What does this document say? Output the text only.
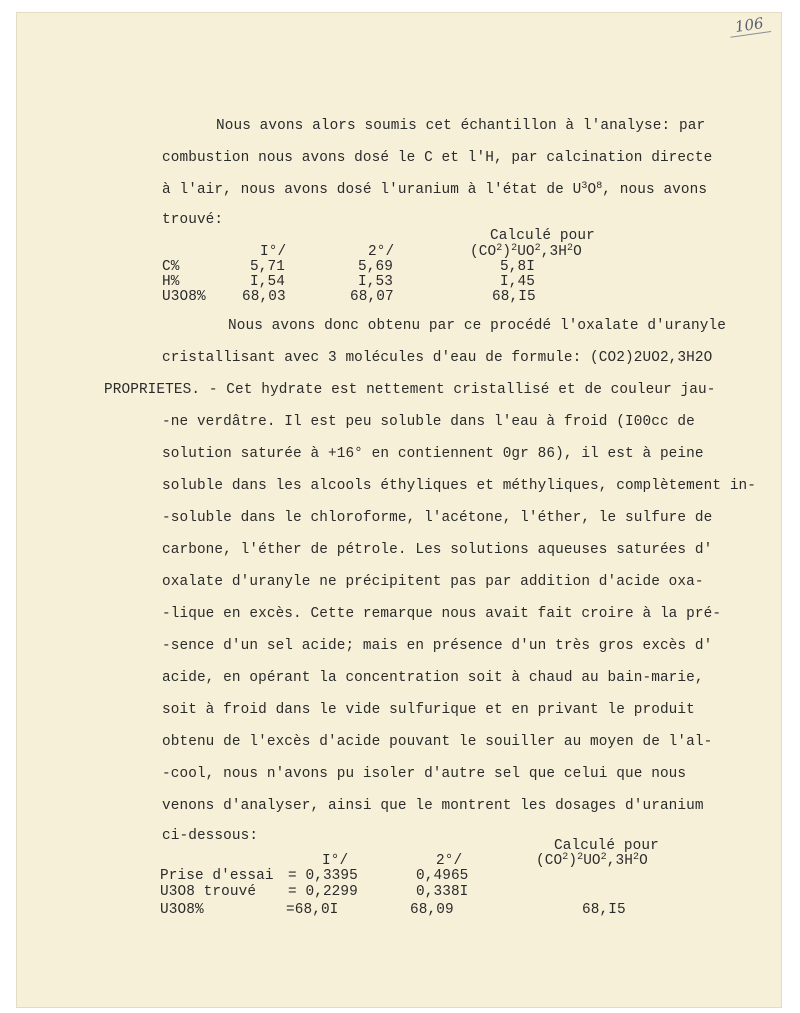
106
Nous avons alors soumis cet échantillon à l'analyse: par
combustion nous avons dosé le C et l'H, par calcination directe
à l'air, nous avons dosé l'uranium à l'état de $U^3O^8$, nous avons
trouvé:
Calculé pour
$(CO^2)^2UO^2,3H^2O$
I°/	2°/
C%	5,71	5,69	5,8I
H%	I,54	I,53	I,45
U3O8%	68,03	68,07	68,I5
Nous avons donc obtenu par ce procédé l'oxalate d'uranyle
cristallisant avec 3 molécules d'eau de formule: (CO2)2UO2,3H2O
PROPRIETES. - Cet hydrate est nettement cristallisé et de couleur jau-
-ne verdâtre. Il est peu soluble dans l'eau à froid (I00cc de
solution saturée à +16° en contiennent 0gr 86), il est à peine
soluble dans les alcools éthyliques et méthyliques, complètement in-
-soluble dans le chloroforme, l'acétone, l'éther, le sulfure de
carbone, l'éther de pétrole. Les solutions aqueuses saturées d'
oxalate d'uranyle ne précipitent pas par addition d'acide oxa-
-lique en excès. Cette remarque nous avait fait croire à la pré-
-sence d'un sel acide; mais en présence d'un très gros excès d'
acide, en opérant la concentration soit à chaud au bain-marie,
soit à froid dans le vide sulfurique et en privant le produit
obtenu de l'excès d'acide pouvant le souiller au moyen de l'al-
-cool, nous n'avons pu isoler d'autre sel que celui que nous
venons d'analyser, ainsi que le montrent les dosages d'uranium
ci-dessous:
Calculé pour
$(CO^2)^2UO^2,3H^2O$
I°/	2°/
Prise d'essai = 0,3395	0,4965
U3O8 trouvé = 0,2299	0,338I
U3O8%	=68,0I	68,09	68,I5
